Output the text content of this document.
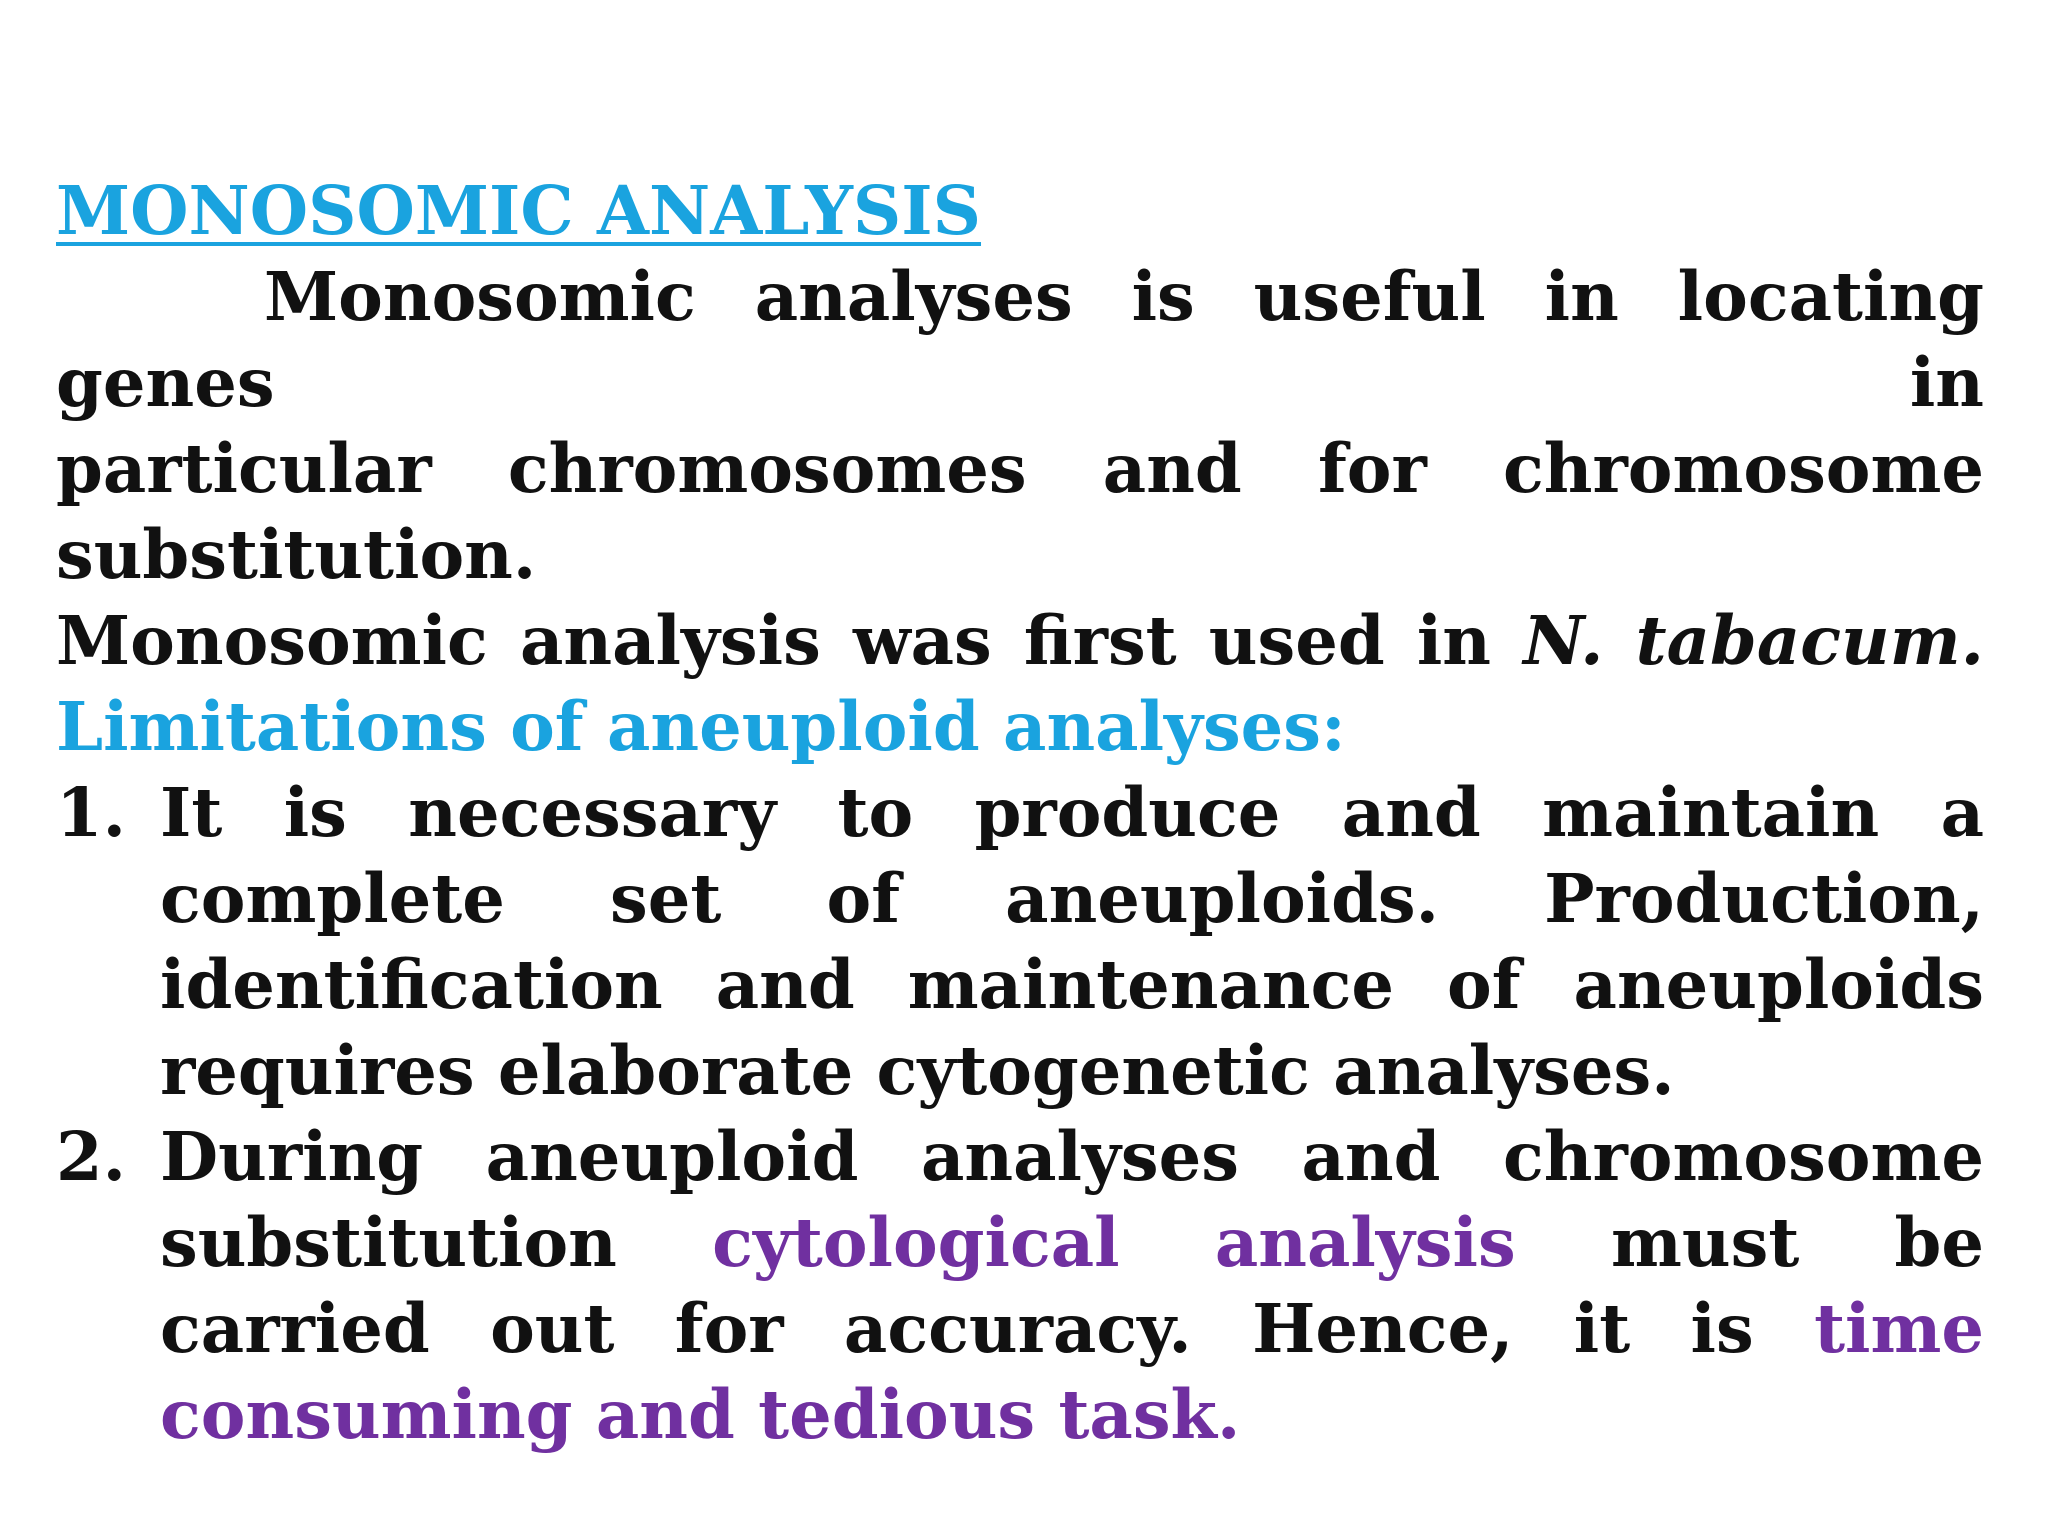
MONOSOMIC ANALYSIS

Monosomic analyses is useful in locating genes in

particular chromosomes and for chromosome substitution.

Monosomic analysis was first used in N. tabacum.

Limitations of aneuploid analyses:

1. It is necessary to produce and maintain a complete set of aneuploids. Production, identification and maintenance of aneuploids requires elaborate cytogenetic analyses.
2. During aneuploid analyses and chromosome substitution cytological analysis must be carried out for accuracy. Hence, it is time consuming and tedious task.
